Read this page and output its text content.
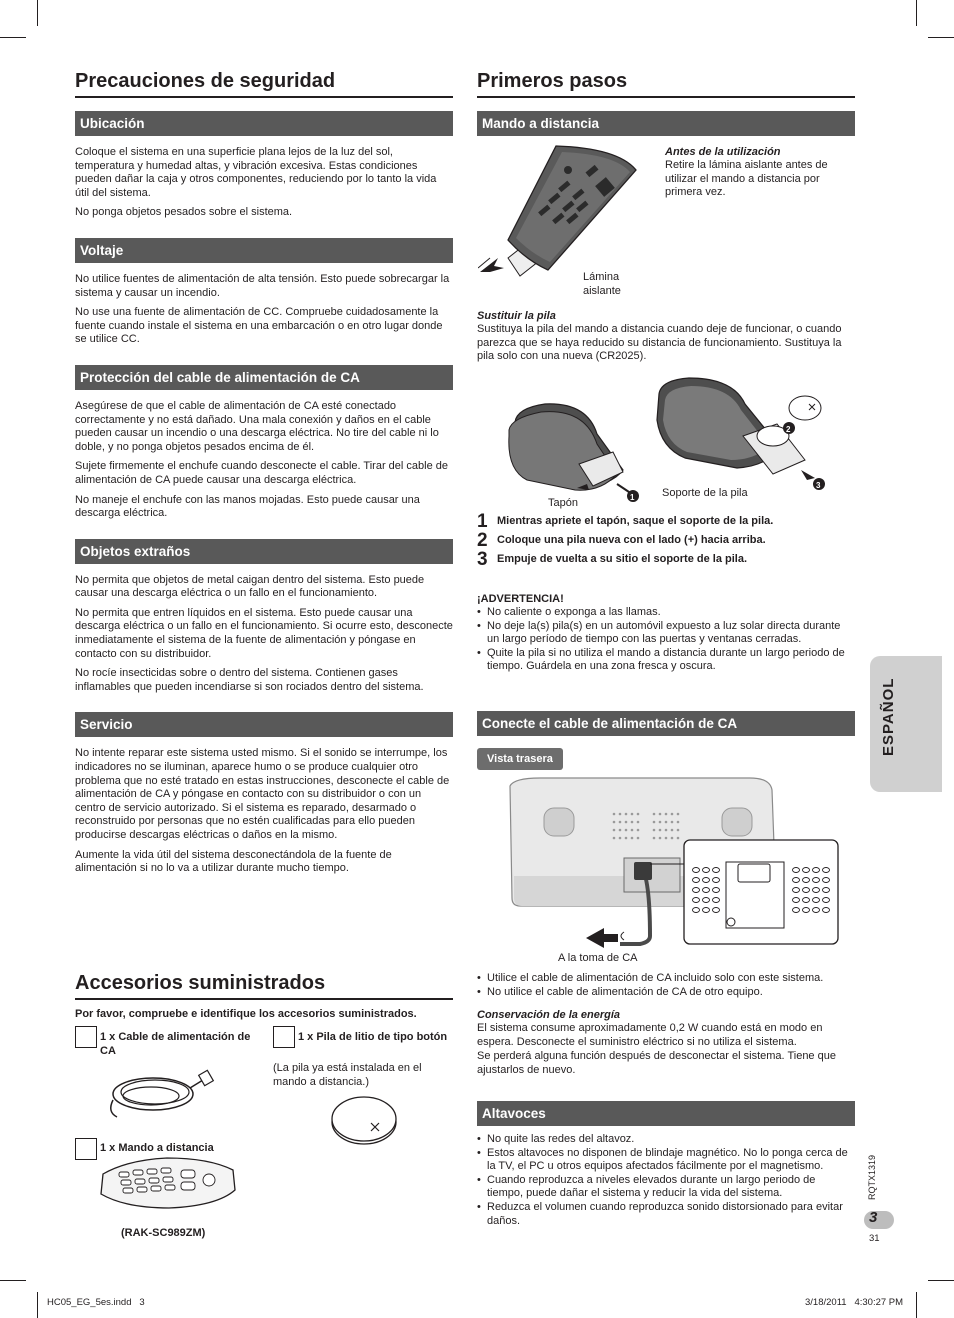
Precauciones de seguridad
Ubicación

Coloque el sistema en una superficie plana lejos de la luz del sol, temperatura y humedad altas, y vibración excesiva. Estas condiciones pueden dañar la caja y otros componentes, reduciendo por lo tanto la vida útil del sistema.

No ponga objetos pesados sobre el sistema.

Voltaje

No utilice fuentes de alimentación de alta tensión. Esto puede sobrecargar la sistema y causar un incendio.

No use una fuente de alimentación de CC. Compruebe cuidadosamente la fuente cuando instale el sistema en una embarcación o en otro lugar donde se utilice CC.

Protección del cable de alimentación de CA

Asegúrese de que el cable de alimentación de CA esté conectado correctamente y no está dañado. Una mala conexión y daños en el cable pueden causar un incendio o una descarga eléctrica. No tire del cable ni lo doble, y no ponga objetos pesados encima de él.

Sujete firmemente el enchufe cuando desconecte el cable. Tirar del cable de alimentación de CA puede causar una descarga eléctrica.

No maneje el enchufe con las manos mojadas. Esto puede causar una descarga eléctrica.

Objetos extraños

No permita que objetos de metal caigan dentro del sistema. Esto puede causar una descarga eléctrica o un fallo en el funcionamiento.

No permita que entren líquidos en el sistema. Esto puede causar una descarga eléctrica o un fallo en el funcionamiento. Si ocurre esto, desconecte inmediatamente el sistema de la fuente de alimentación y póngase en contacto con su distribuidor.

No rocíe insecticidas sobre o dentro del sistema. Contienen gases inflamables que pueden incendiarse si son rociados dentro del sistema.

Servicio

No intente reparar este sistema usted mismo. Si el sonido se interrumpe, los indicadores no se iluminan, aparece humo o se produce cualquier otro problema que no esté tratado en estas instrucciones, desconecte el cable de alimentación de CA y póngase en contacto con su distribuidor o con un centro de servicio autorizado. Si el sistema es reparado, desarmado o reconstruido por personas que no estén cualificadas para ello pueden producirse descargas eléctricas o daños en la mismo.

Aumente la vida útil del sistema desconectándola de la fuente de alimentación si no lo va a utilizar durante mucho tiempo.

Accesorios suministrados
Por favor, compruebe e identifique los accesorios suministrados.
1 x Cable de alimentación de CA
1 x Pila de litio de tipo botón
(La pila ya está instalada en el mando a distancia.)
1 x Mando a distancia
(RAK-SC989ZM)
Primeros pasos
Mando a distancia
Antes de la utilización
Retire la lámina aislante antes de utilizar el mando a distancia por primera vez.
Lámina aislante
Sustituir la pila
Sustituya la pila del mando a distancia cuando deje de funcionar, o cuando parezca que se haya reducido su distancia de funcionamiento. Sustituya la pila solo con una nueva (CR2025).
1
2
3
Tapón
Soporte de la pila
1 Mientras apriete el tapón, saque el soporte de la pila.
2 Coloque una pila nueva con el lado (+) hacia arriba.
3 Empuje de vuelta a su sitio el soporte de la pila.
¡ADVERTENCIA!
• No caliente o exponga a las llamas.
• No deje la(s) pila(s) en un automóvil expuesto a luz solar directa durante un largo período de tiempo con las puertas y ventanas cerradas.
• Quite la pila si no utiliza el mando a distancia durante un largo periodo de tiempo. Guárdela en una zona fresca y oscura.
Conecte el cable de alimentación de CA
Vista trasera
A la toma de CA
• Utilice el cable de alimentación de CA incluido solo con este sistema.
• No utilice el cable de alimentación de CA de otro equipo.
Conservación de la energía
El sistema consume aproximadamente 0,2 W cuando está en modo en espera. Desconecte el suministro eléctrico si no utiliza el sistema.
Se perderá alguna función después de desconectar el sistema. Tiene que ajustarlos de nuevo.
Altavoces
• No quite las redes del altavoz.
• Estos altavoces no disponen de blindaje magnético. No lo ponga cerca de la TV, el PC u otros equipos afectados fácilmente por el magnetismo.
• Cuando reproduzca a niveles elevados durante un largo periodo de tiempo, puede dañar el sistema y reducir la vida del sistema.
• Reduzca el volumen cuando reproduzca sonido distorsionado para evitar daños.
ESPAÑOL
RQTX1319
3
31
HC05_EG_5es.indd   3	3/18/2011   4:30:27 PM
